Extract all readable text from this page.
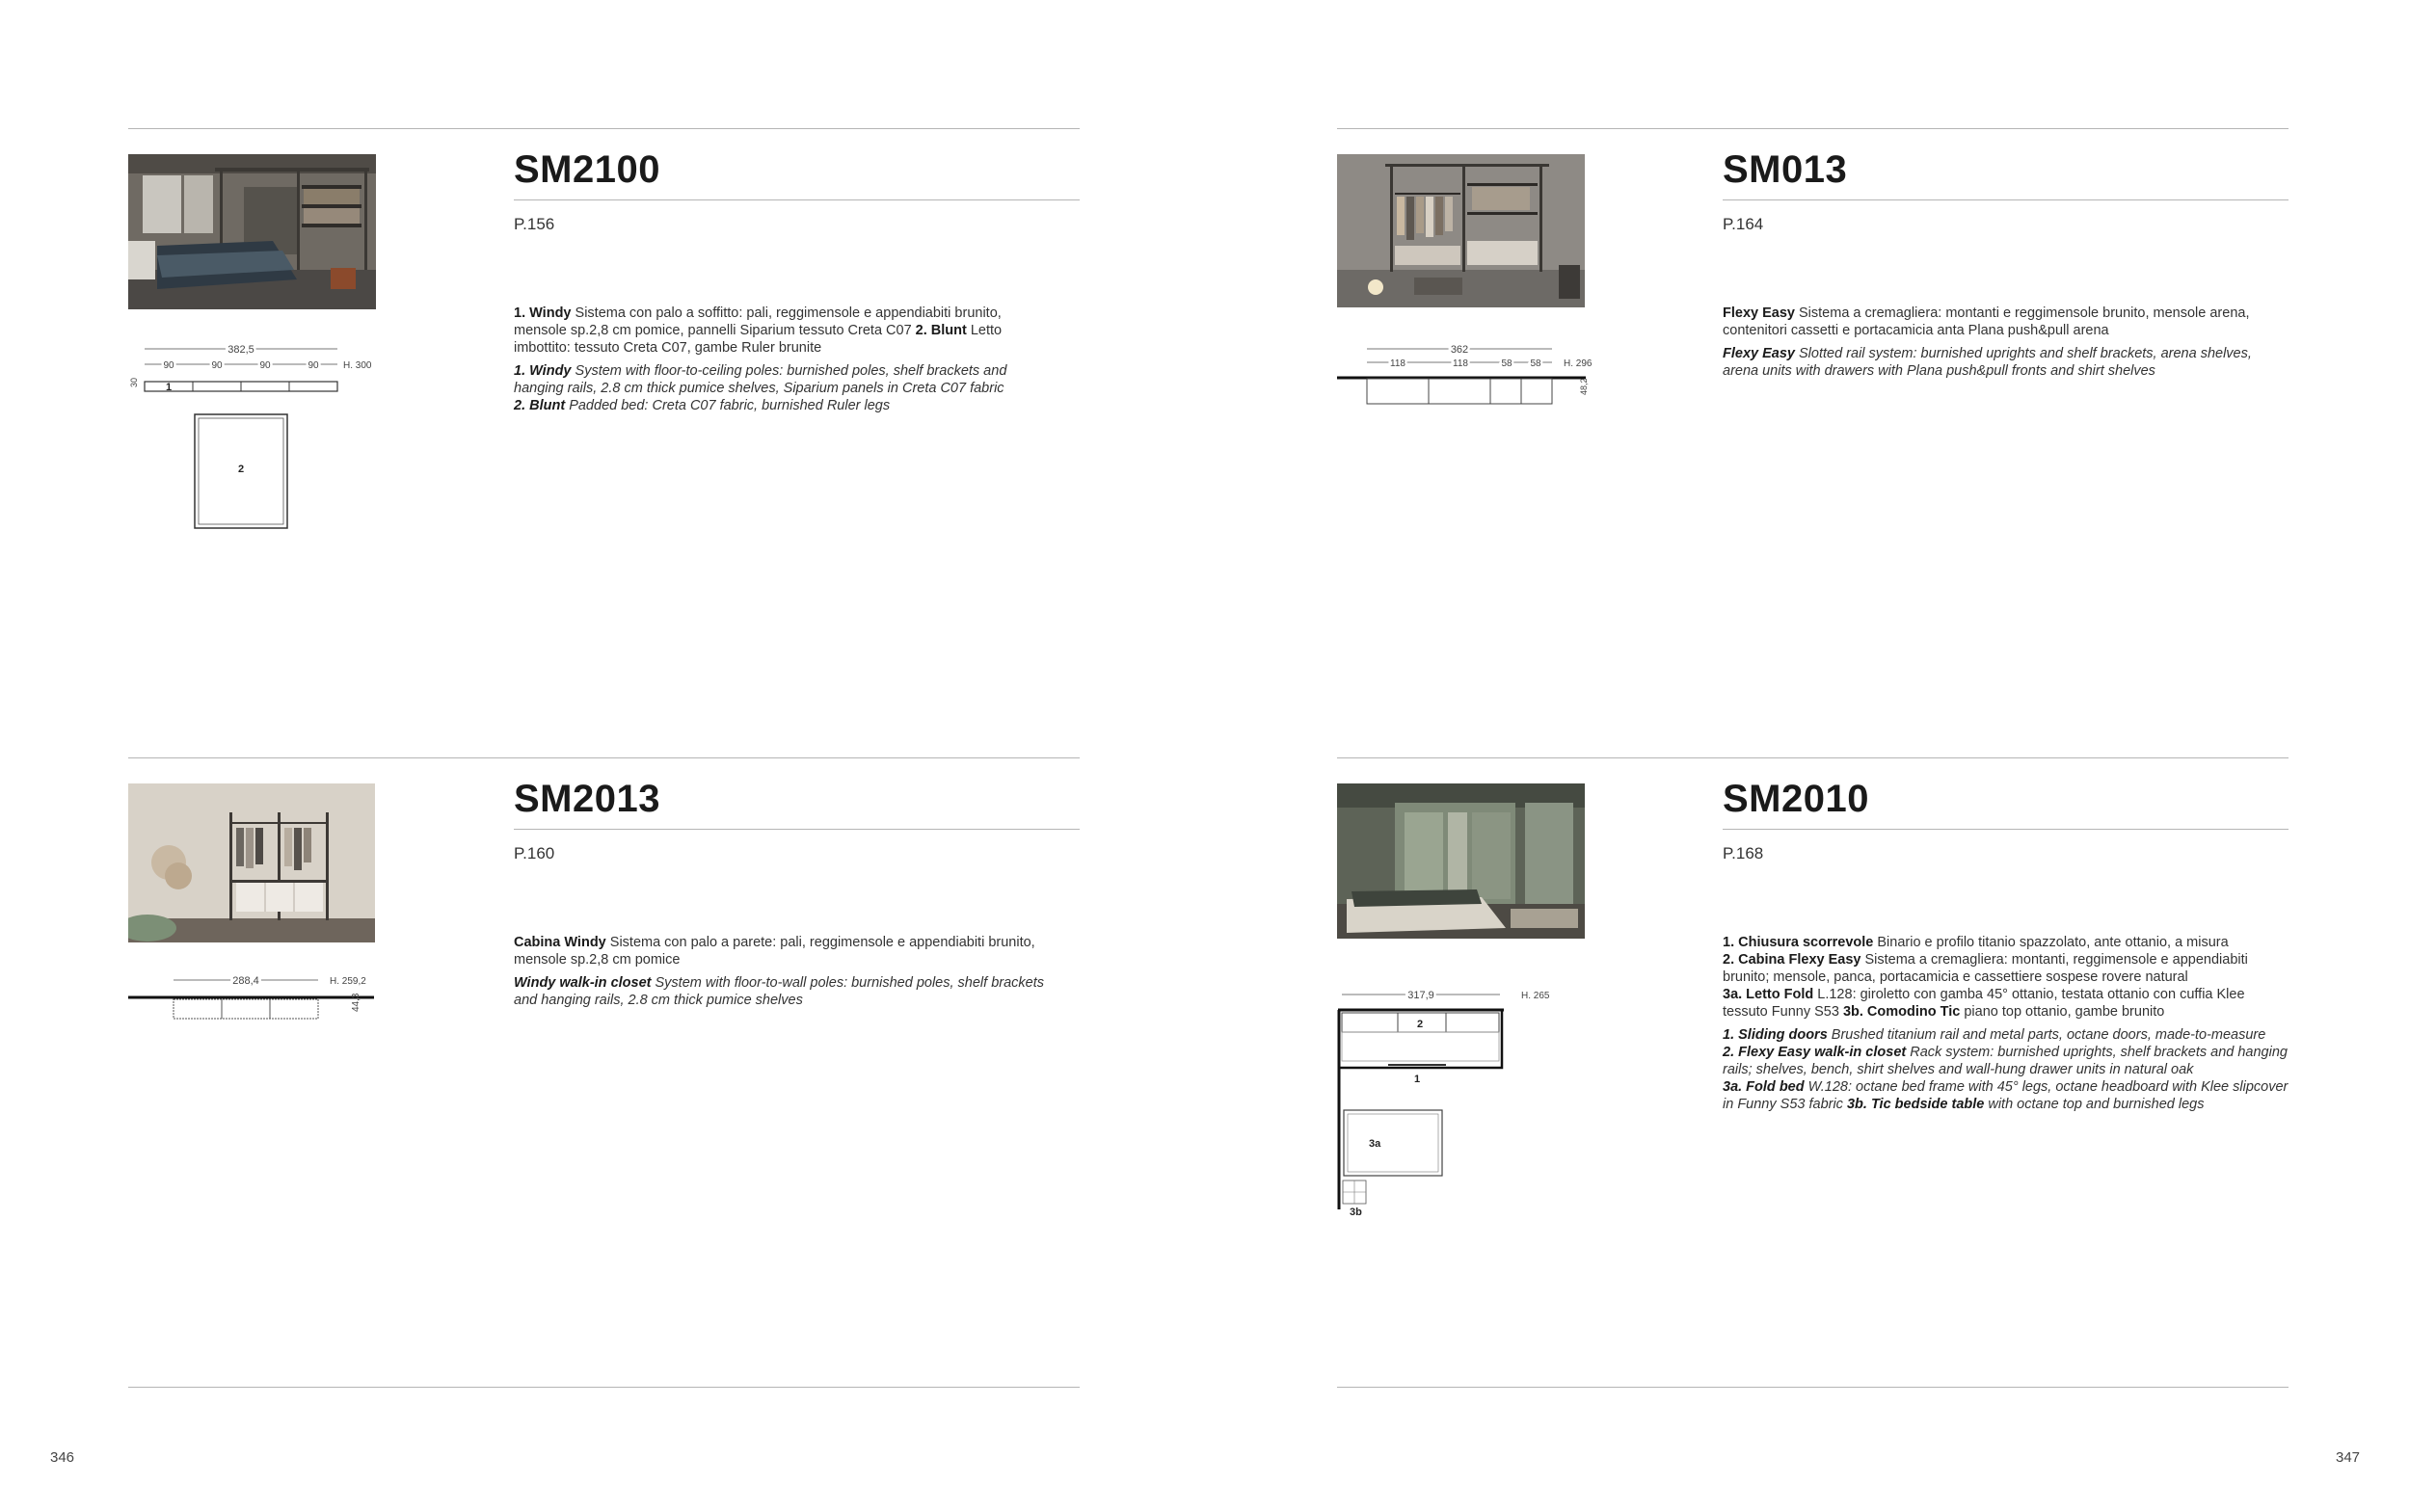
382,5
90	90	90	90	H. 300
30	1
2
SM2100
P.156

1. Windy Sistema con palo a soffitto: pali, reggimensole e appendiabiti brunito, mensole sp.2,8 cm pomice, pannelli Siparium tessuto Creta C07 2. Blunt Letto imbottito: tessuto Creta C07, gambe Ruler brunite

1. Windy System with floor-to-ceiling poles: burnished poles, shelf brackets and hanging rails, 2.8 cm thick pumice shelves, Siparium panels in Creta C07 fabric
2. Blunt Padded bed: Creta C07 fabric, burnished Ruler legs

362
118	118	58 58 H. 296
48,2
SM013
P.164

Flexy Easy Sistema a cremagliera: montanti e reggimensole brunito, mensole arena, contenitori cassetti e portacamicia anta Plana push&pull arena

Flexy Easy Slotted rail system: burnished uprights and shelf brackets, arena shelves, arena units with drawers with Plana push&pull fronts and shirt shelves

288,4	H. 259,2
44,3
SM2013
P.160

Cabina Windy Sistema con palo a parete: pali, reggimensole e appendiabiti brunito, mensole sp.2,8 cm pomice

Windy walk-in closet System with floor-to-wall poles: burnished poles, shelf brackets and hanging rails, 2.8 cm thick pumice shelves	317,9	H. 265
2
1
3a
3b
SM2010
P.168

1. Chiusura scorrevole Binario e profilo titanio spazzolato, ante ottanio, a misura
2. Cabina Flexy Easy Sistema a cremagliera: montanti, reggimensole e appendiabiti brunito; mensole, panca, portacamicia e cassettiere sospese rovere natural
3a. Letto Fold L.128: giroletto con gamba 45° ottanio, testata ottanio con cuffia Klee tessuto Funny S53 3b. Comodino Tic piano top ottanio, gambe brunito

1. Sliding doors Brushed titanium rail and metal parts, octane doors, made-to-measure
2. Flexy Easy walk-in closet Rack system: burnished uprights, shelf brackets and hanging rails; shelves, bench, shirt shelves and wall-hung drawer units in natural oak
3a. Fold bed W.128: octane bed frame with 45° legs, octane headboard with Klee slipcover in Funny S53 fabric 3b. Tic bedside table with octane top and burnished legs

346	347
